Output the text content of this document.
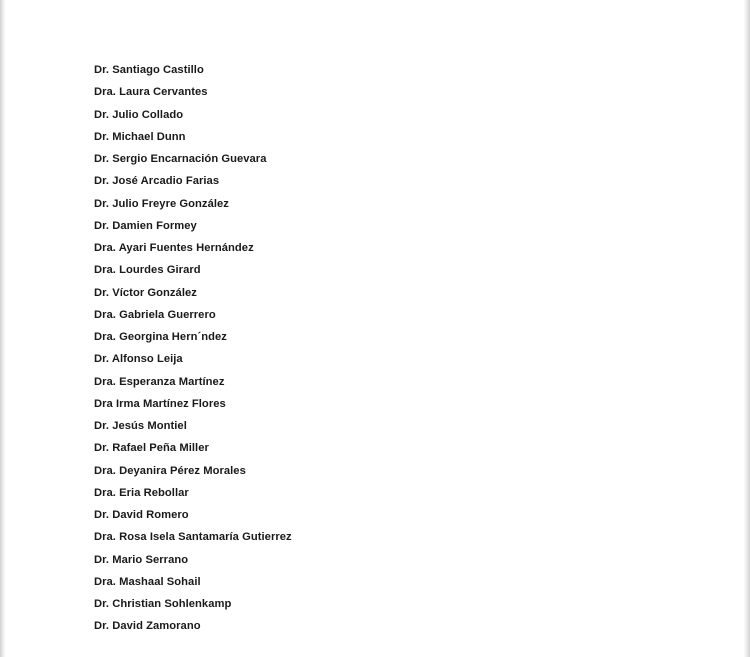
Dr. Santiago Castillo
Dra. Laura Cervantes
Dr. Julio Collado
Dr. Michael Dunn
Dr. Sergio Encarnación Guevara
Dr. José Arcadio Farias
Dr. Julio Freyre González
Dr. Damien Formey
Dra. Ayari Fuentes Hernández
Dra. Lourdes Girard
Dr. Víctor González
Dra. Gabriela Guerrero
Dra. Georgina Hern´ndez
Dr. Alfonso Leija
Dra. Esperanza Martínez
Dra Irma Martínez Flores
Dr. Jesús Montiel
Dr. Rafael Peña Miller
Dra. Deyanira Pérez Morales
Dra. Eria Rebollar
Dr. David Romero
Dra. Rosa Isela Santamaría Gutierrez
Dr. Mario Serrano
Dra. Mashaal Sohail
Dr. Christian Sohlenkamp
Dr. David Zamorano
